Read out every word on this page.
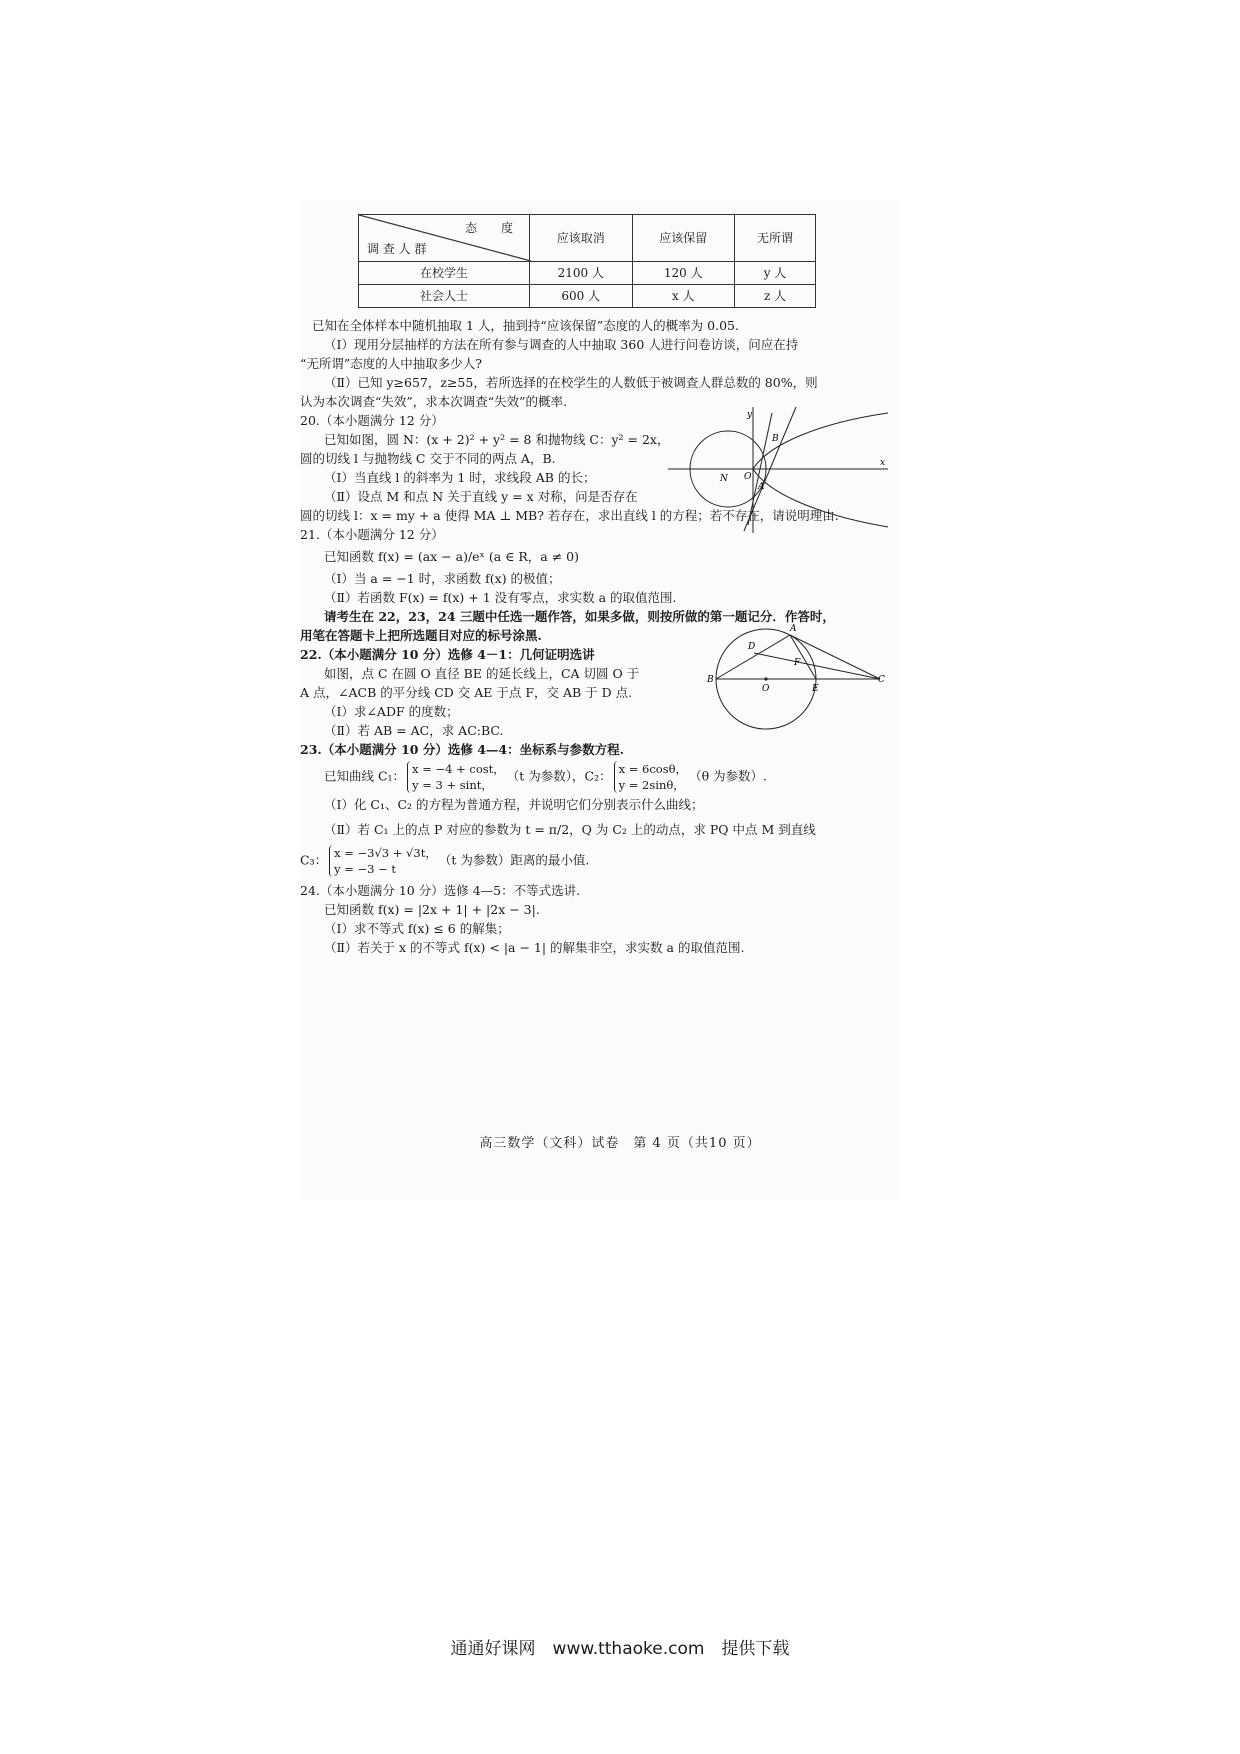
态　　度
调 查 人 群	应该取消	应该保留	无所谓
在校学生	2100 人	120 人	y 人
社会人士	600 人	x 人	z 人

已知在全体样本中随机抽取 1 人，抽到持“应该保留”态度的人的概率为 0.05.

（Ⅰ）现用分层抽样的方法在所有参与调查的人中抽取 360 人进行问卷访谈，问应在持

“无所谓”态度的人中抽取多少人?

（Ⅱ）已知 y≥657，z≥55，若所选择的在校学生的人数低于被调查人群总数的 80%，则

认为本次调查“失效”，求本次调查“失效”的概率.

20.（本小题满分 12 分）

已知如图，圆 N：(x + 2)² + y² = 8 和抛物线 C：y² = 2x，

圆的切线 l 与抛物线 C 交于不同的两点 A，B.

（Ⅰ）当直线 l 的斜率为 1 时，求线段 AB 的长；

（Ⅱ）设点 M 和点 N 关于直线 y = x 对称，问是否存在

圆的切线 l：x = my + a 使得 MA ⊥ MB? 若存在，求出直线 l 的方程；若不存在，请说明理由.

y
x
N O
B
A

21.（本小题满分 12 分）

已知函数 f(x) = (ax − a)/eˣ (a ∈ R，a ≠ 0)

（Ⅰ）当 a = −1 时，求函数 f(x) 的极值；

（Ⅱ）若函数 F(x) = f(x) + 1 没有零点，求实数 a 的取值范围.

请考生在 22，23，24 三题中任选一题作答，如果多做，则按所做的第一题记分．作答时，

用笔在答题卡上把所选题目对应的标号涂黑.

22.（本小题满分 10 分）选修 4－1：几何证明选讲

如图，点 C 在圆 O 直径 BE 的延长线上，CA 切圆 O 于

A 点，∠ACB 的平分线 CD 交 AE 于点 F，交 AB 于 D 点.

（Ⅰ）求∠ADF 的度数；

（Ⅱ）若 AB = AC，求 AC:BC.

A
D
F
B
O	E
C

23.（本小题满分 10 分）选修 4—4：坐标系与参数方程.

已知曲线 C₁： x = −4 + cost，
y = 3 + sint，（t 为参数），C₂： x = 6cosθ，
y = 2sinθ，（θ 为参数）.

（Ⅰ）化 C₁、C₂ 的方程为普通方程，并说明它们分别表示什么曲线；

（Ⅱ）若 C₁ 上的点 P 对应的参数为 t = π/2，Q 为 C₂ 上的动点，求 PQ 中点 M 到直线

C₃： x = −3√3 + √3t，
y = −3 − t（t 为参数）距离的最小值.

24.（本小题满分 10 分）选修 4—5：不等式选讲.

已知函数 f(x) = |2x + 1| + |2x − 3|.

（Ⅰ）求不等式 f(x) ≤ 6 的解集；

（Ⅱ）若关于 x 的不等式 f(x) < |a − 1| 的解集非空，求实数 a 的取值范围.

高三数学（文科）试卷　第 4 页（共10 页）
通通好课网　www.tthaoke.com　提供下载
